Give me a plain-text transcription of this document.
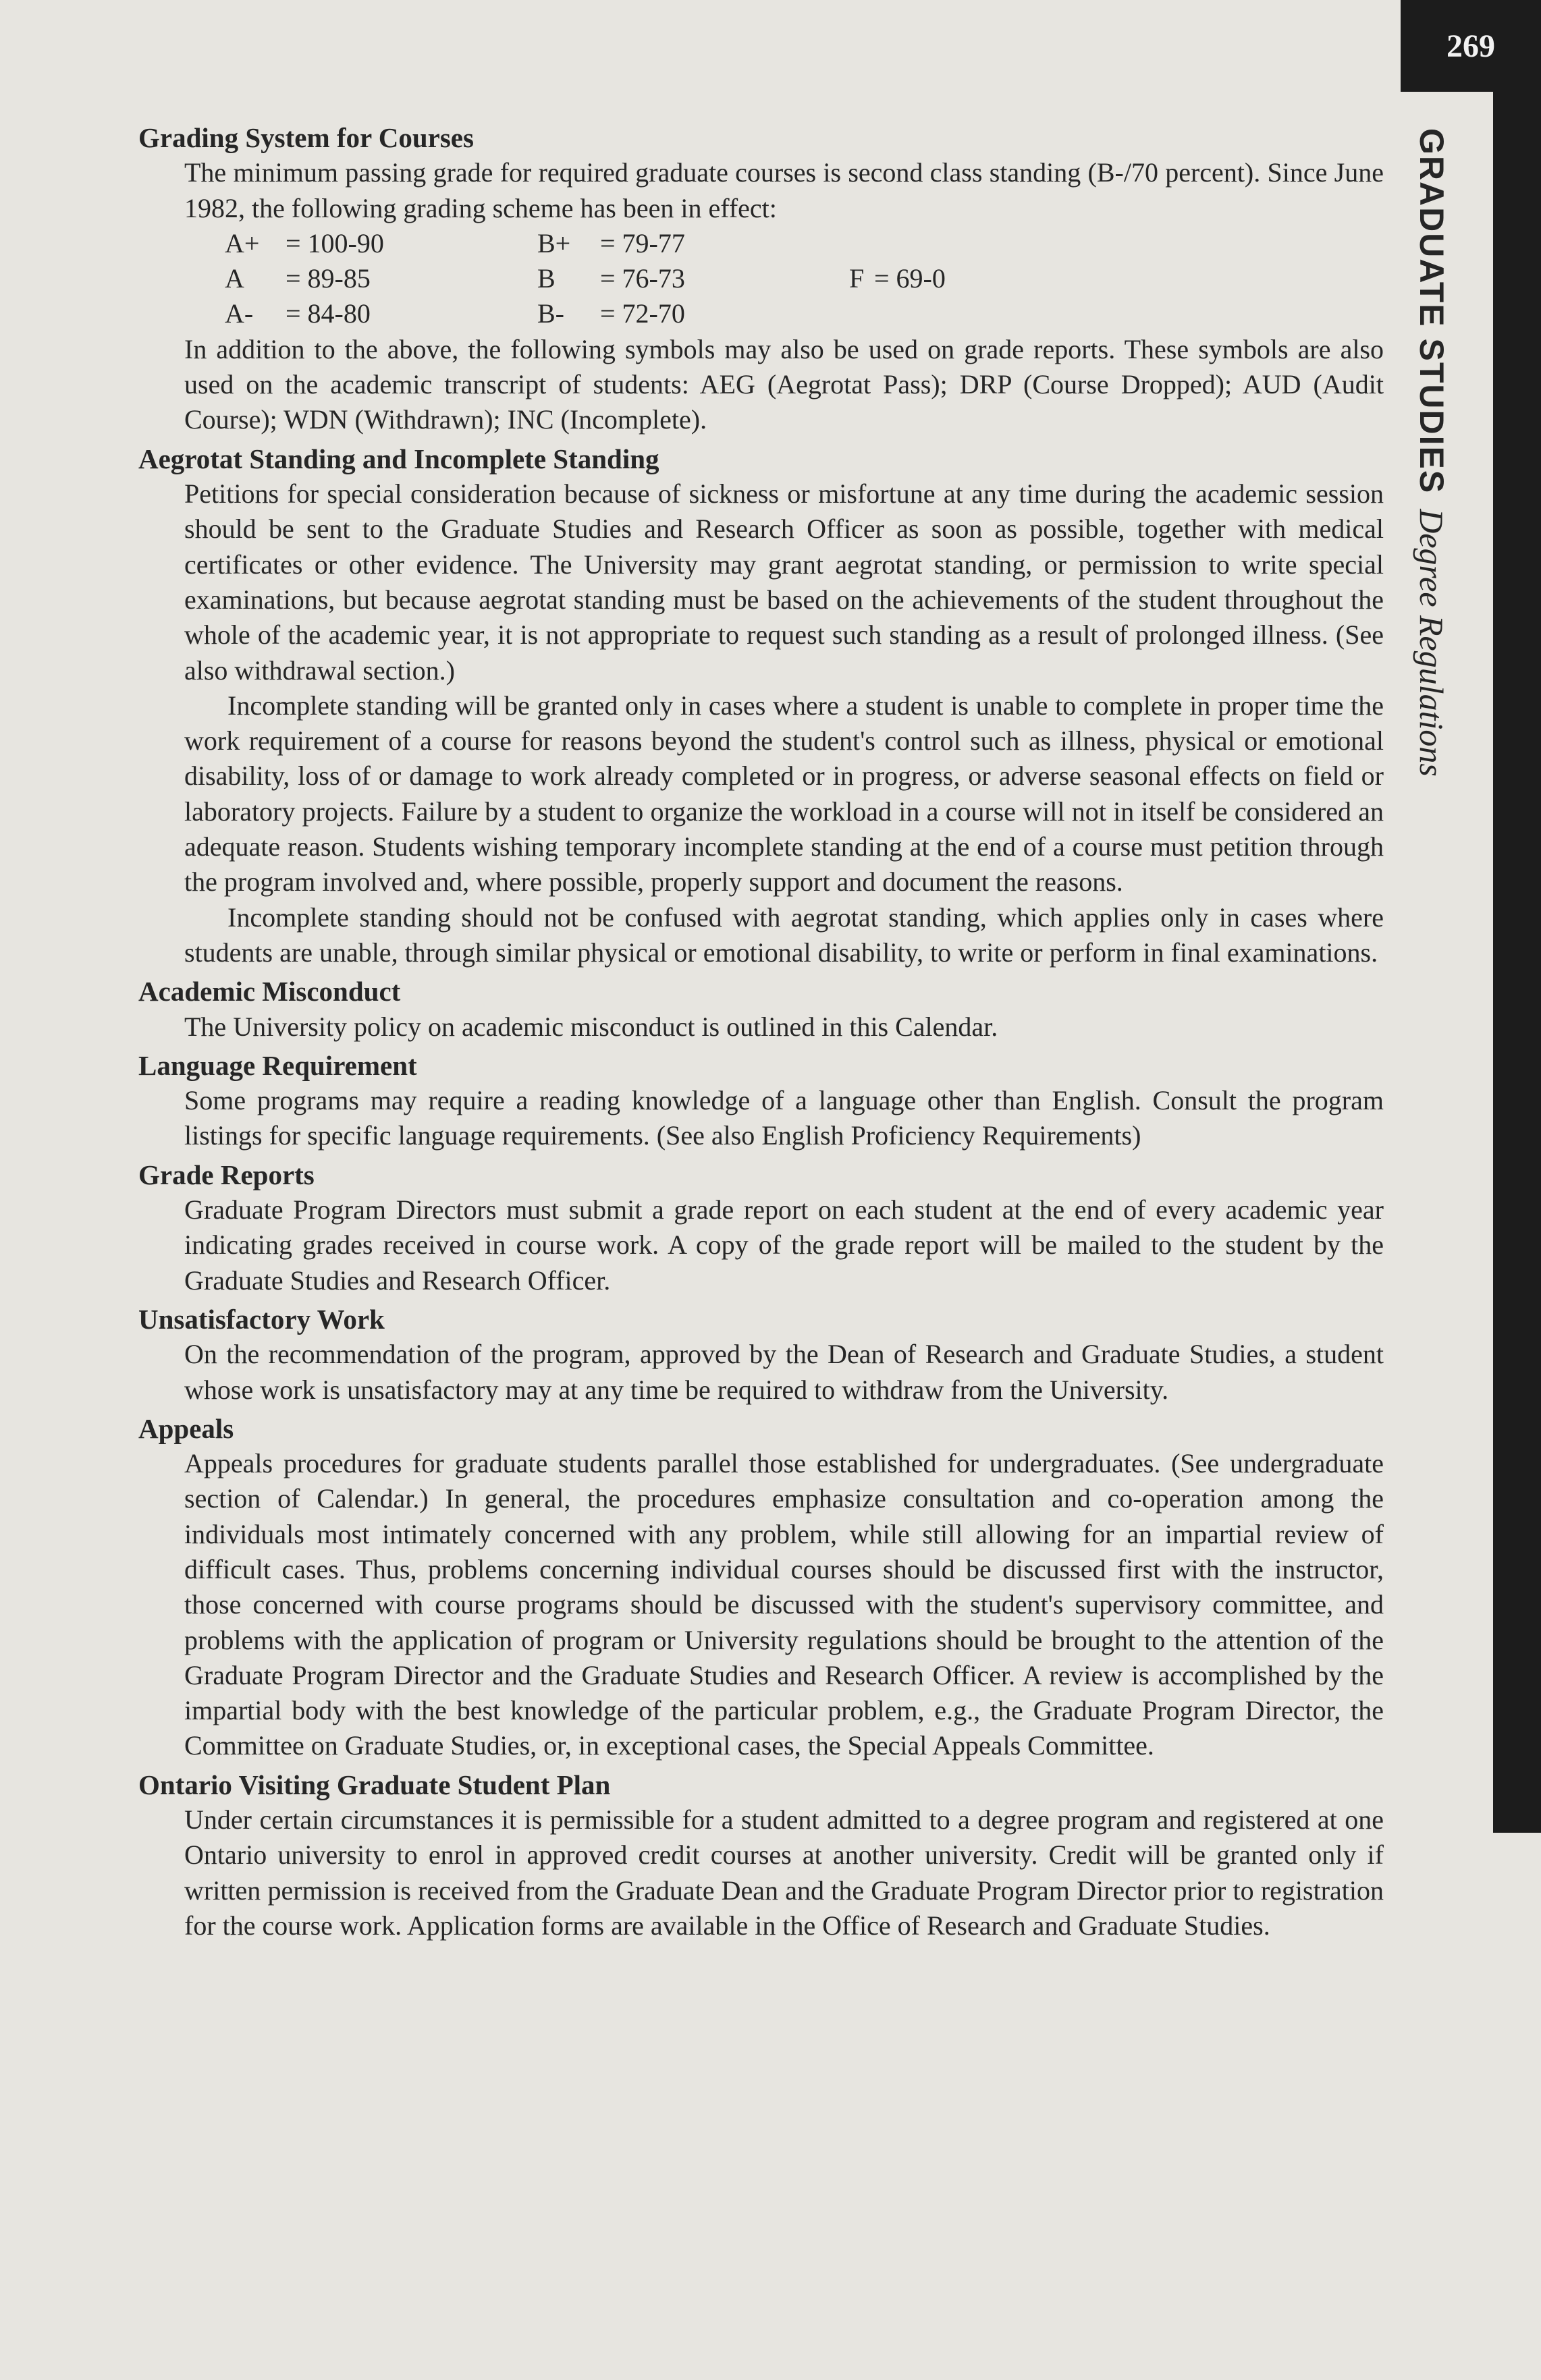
269
GRADUATE STUDIESDegree Regulations
Grading System for Courses

The minimum passing grade for required graduate courses is second class standing (B-/70 percent). Since June 1982, the following grading scheme has been in effect:

A+ = 100-90	B+ = 79-77
A = 89-85	B = 76-73	F = 69-0
A- = 84-80	B- = 72-70

In addition to the above, the following symbols may also be used on grade reports. These symbols are also used on the academic transcript of students: AEG (Aegrotat Pass); DRP (Course Dropped); AUD (Audit Course); WDN (Withdrawn); INC (Incomplete).

Aegrotat Standing and Incomplete Standing

Petitions for special consideration because of sickness or misfortune at any time during the academic session should be sent to the Graduate Studies and Research Officer as soon as possible, together with medical certificates or other evidence. The University may grant aegrotat standing, or permission to write special examinations, but because aegrotat standing must be based on the achievements of the student throughout the whole of the academic year, it is not appropriate to request such standing as a result of prolonged illness. (See also withdrawal section.)

Incomplete standing will be granted only in cases where a student is unable to complete in proper time the work requirement of a course for reasons beyond the student's control such as illness, physical or emotional disability, loss of or damage to work already completed or in progress, or adverse seasonal effects on field or laboratory projects. Failure by a student to organize the workload in a course will not in itself be considered an adequate reason. Students wishing temporary incomplete standing at the end of a course must petition through the program involved and, where possible, properly support and document the reasons.

Incomplete standing should not be confused with aegrotat standing, which applies only in cases where students are unable, through similar physical or emotional disability, to write or perform in final examinations.

Academic Misconduct

The University policy on academic misconduct is outlined in this Calendar.

Language Requirement

Some programs may require a reading knowledge of a language other than English. Consult the program listings for specific language requirements. (See also English Proficiency Requirements)

Grade Reports

Graduate Program Directors must submit a grade report on each student at the end of every academic year indicating grades received in course work. A copy of the grade report will be mailed to the student by the Graduate Studies and Research Officer.

Unsatisfactory Work

On the recommendation of the program, approved by the Dean of Research and Graduate Studies, a student whose work is unsatisfactory may at any time be required to withdraw from the University.

Appeals

Appeals procedures for graduate students parallel those established for undergraduates. (See undergraduate section of Calendar.) In general, the procedures emphasize consultation and co-operation among the individuals most intimately concerned with any problem, while still allowing for an impartial review of difficult cases. Thus, problems concerning individual courses should be discussed first with the instructor, those concerned with course programs should be discussed with the student's supervisory committee, and problems with the application of program or University regulations should be brought to the attention of the Graduate Program Director and the Graduate Studies and Research Officer. A review is accomplished by the impartial body with the best knowledge of the particular problem, e.g., the Graduate Program Director, the Committee on Graduate Studies, or, in exceptional cases, the Special Appeals Committee.

Ontario Visiting Graduate Student Plan

Under certain circumstances it is permissible for a student admitted to a degree program and registered at one Ontario university to enrol in approved credit courses at another university. Credit will be granted only if written permission is received from the Graduate Dean and the Graduate Program Director prior to registration for the course work. Application forms are available in the Office of Research and Graduate Studies.
